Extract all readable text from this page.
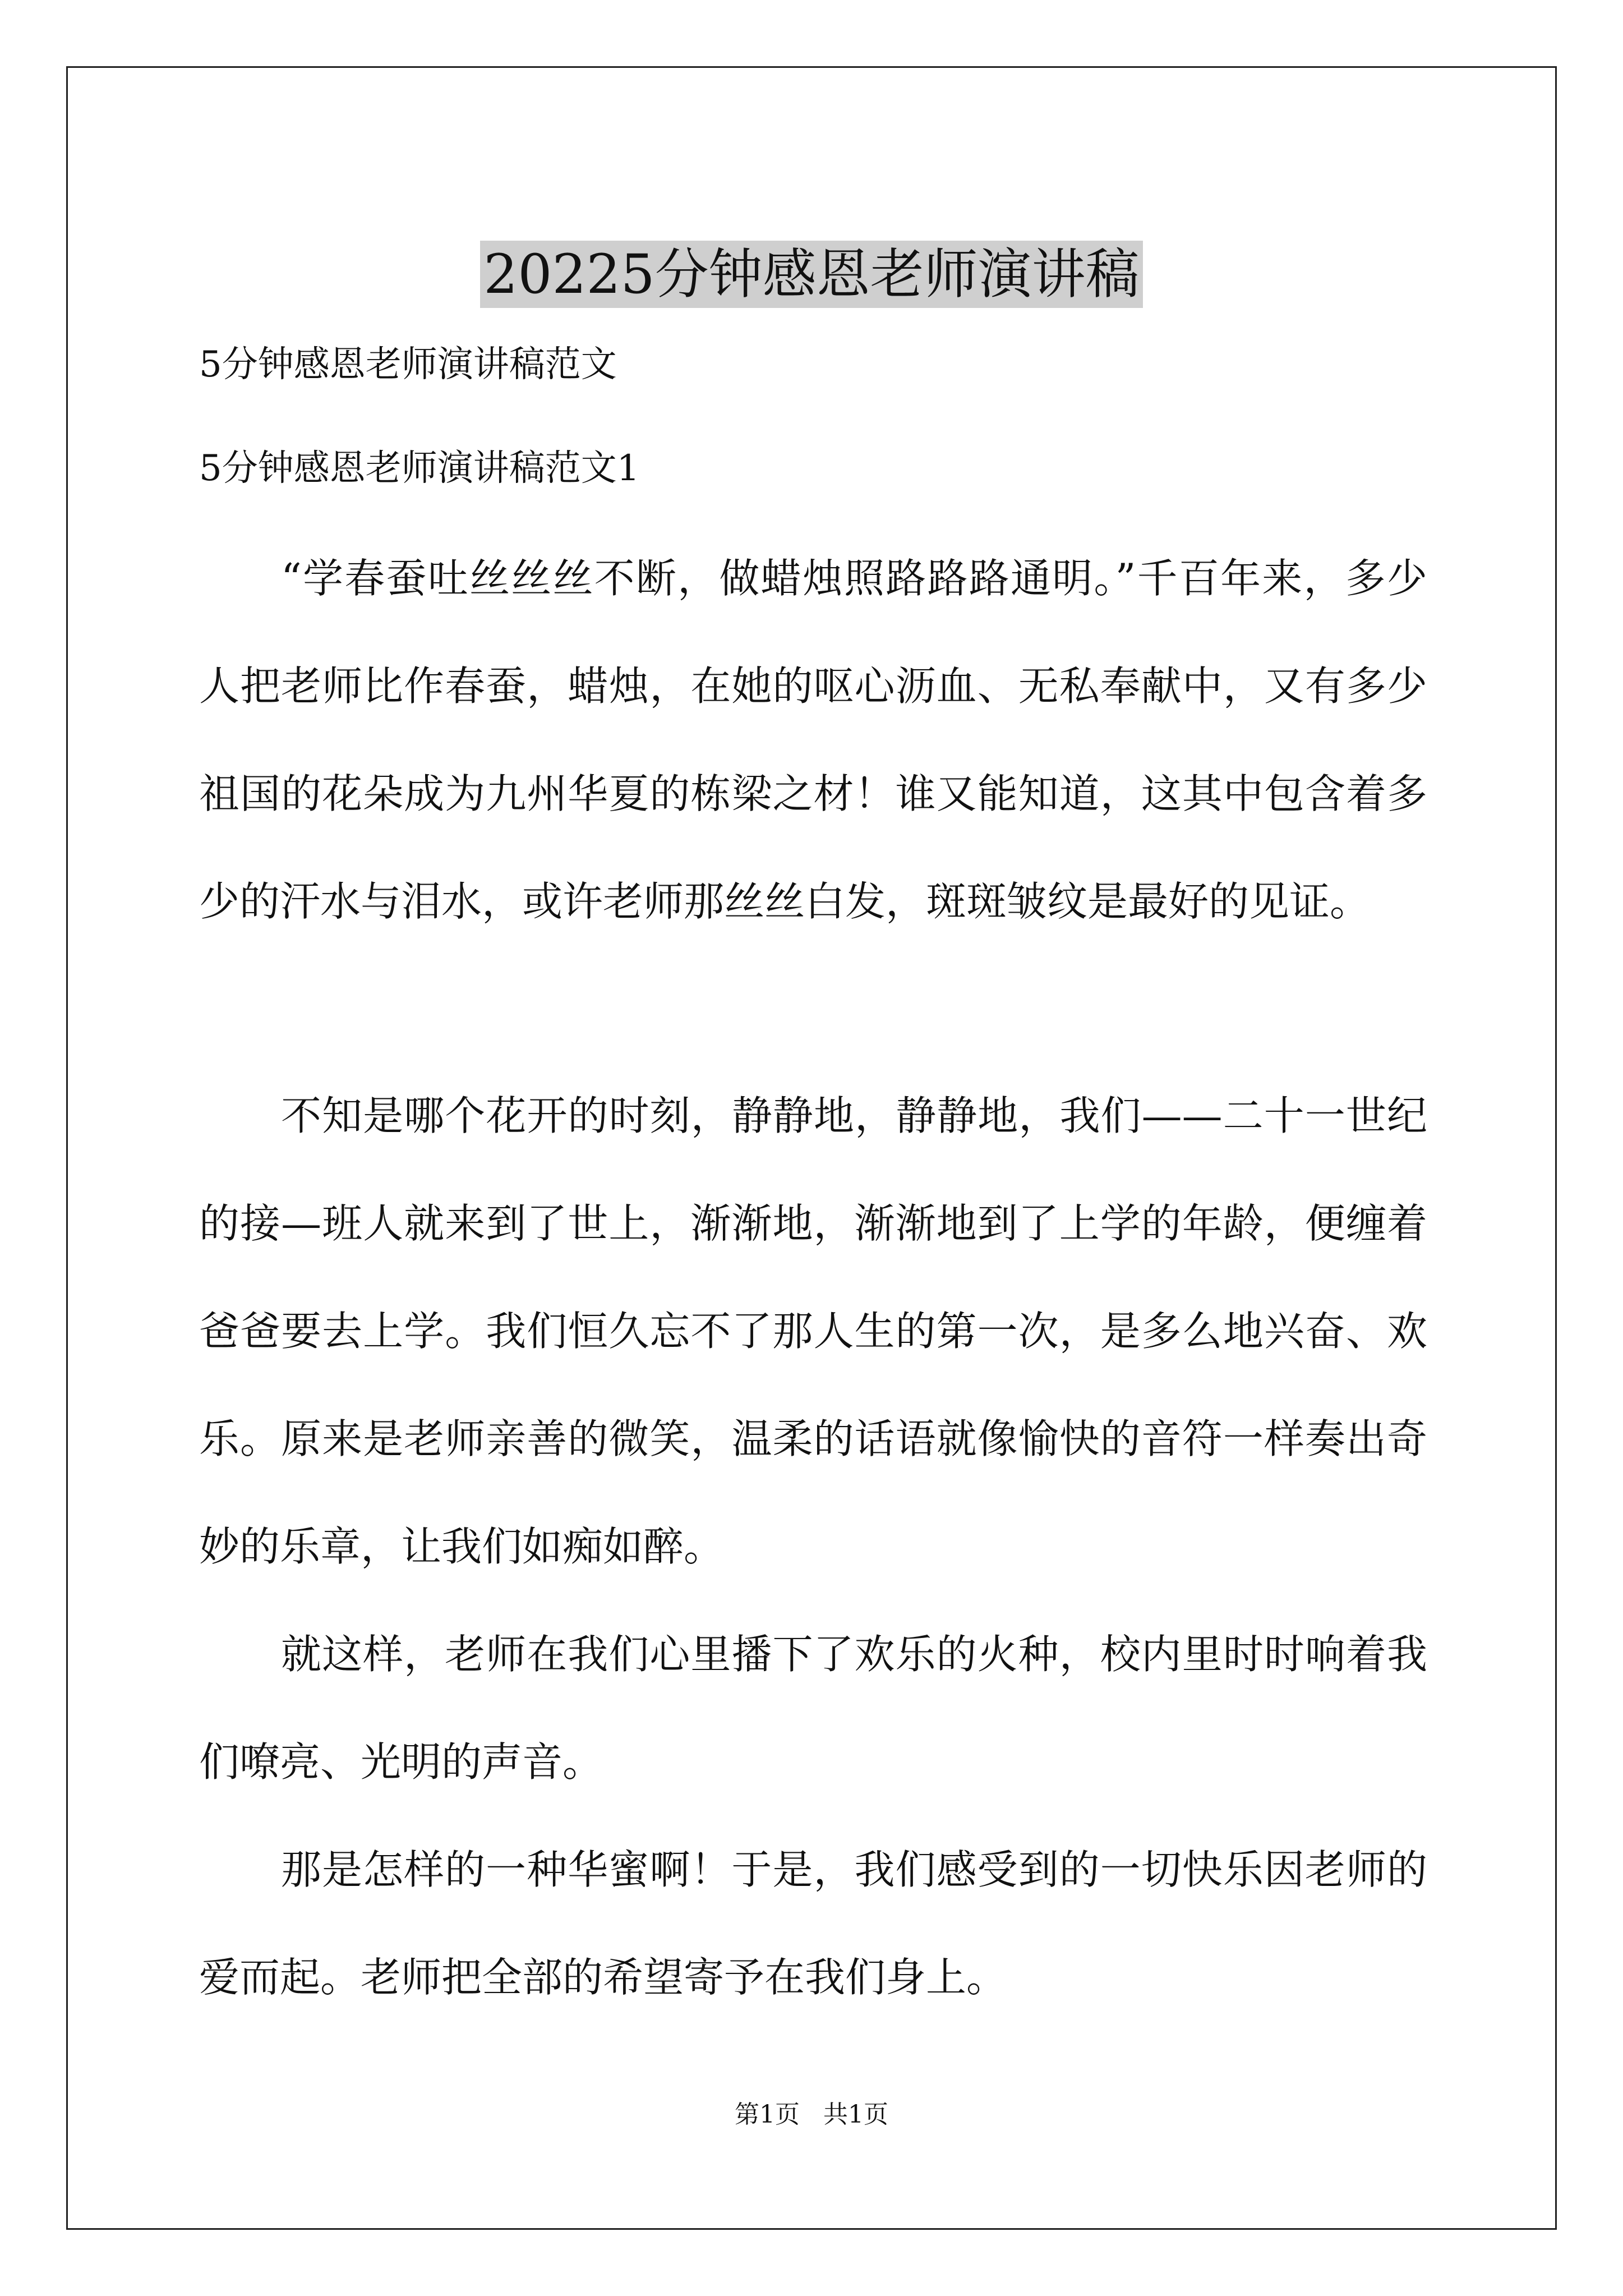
20225分钟感恩老师演讲稿

5分钟感恩老师演讲稿范文

5分钟感恩老师演讲稿范文1

“学春蚕吐丝丝丝不断，做蜡烛照路路路通明。”千百年来，多少人把老师比作春蚕，蜡烛，在她的呕心沥血、无私奉献中，又有多少祖国的花朵成为九州华夏的栋梁之材！谁又能知道，这其中包含着多少的汗水与泪水，或许老师那丝丝白发，斑斑皱纹是最好的见证。

不知是哪个花开的时刻，静静地，静静地，我们——二十一世纪的接—班人就来到了世上，渐渐地，渐渐地到了上学的年龄，便缠着爸爸要去上学。我们恒久忘不了那人生的第一次，是多么地兴奋、欢乐。原来是老师亲善的微笑，温柔的话语就像愉快的音符一样奏出奇妙的乐章，让我们如痴如醉。

就这样，老师在我们心里播下了欢乐的火种，校内里时时响着我们嘹亮、光明的声音。

那是怎样的一种华蜜啊！于是，我们感受到的一切快乐因老师的爱而起。老师把全部的希望寄予在我们身上。

第1页   共1页
